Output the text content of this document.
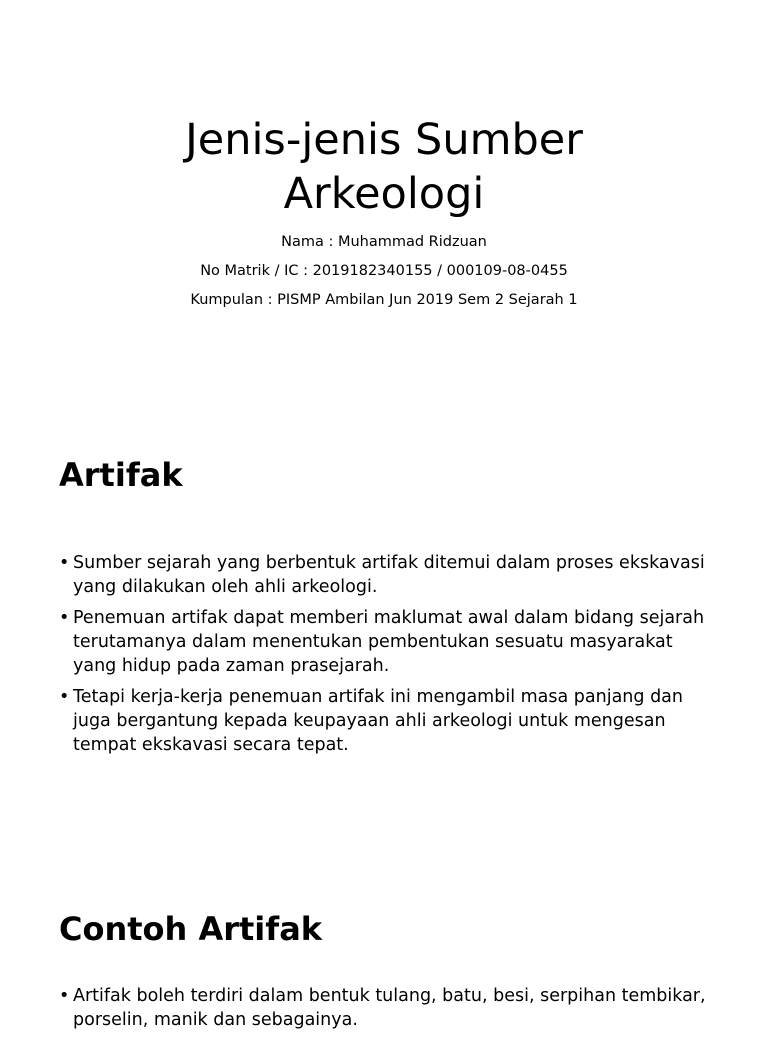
Jenis-jenis Sumber
Arkeologi
Nama : Muhammad Ridzuan
No Matrik / IC : 2019182340155 / 000109-08-0455
Kumpulan : PISMP Ambilan Jun 2019 Sem 2 Sejarah 1
Artifak
• Sumber sejarah yang berbentuk artifak ditemui dalam proses ekskavasi yang dilakukan oleh ahli arkeologi.
• Penemuan artifak dapat memberi maklumat awal dalam bidang sejarah terutamanya dalam menentukan pembentukan sesuatu masyarakat yang hidup pada zaman prasejarah.
• Tetapi kerja-kerja penemuan artifak ini mengambil masa panjang dan juga bergantung kepada keupayaan ahli arkeologi untuk mengesan tempat ekskavasi secara tepat.
Contoh Artifak
• Artifak boleh terdiri dalam bentuk tulang, batu, besi, serpihan tembikar, porselin, manik dan sebagainya.
